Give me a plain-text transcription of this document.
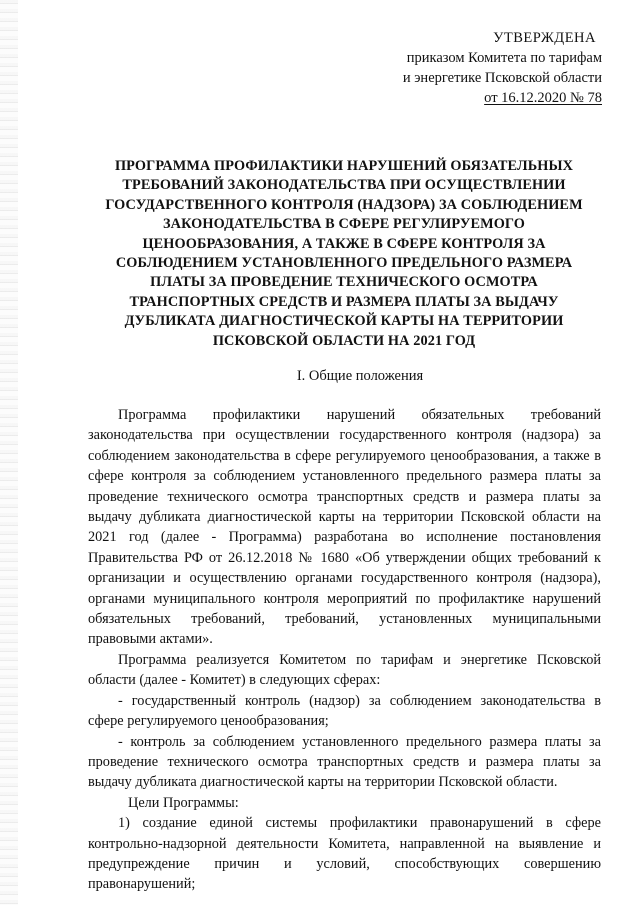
УТВЕРЖДЕНА
приказом Комитета по тарифам
и энергетике Псковской области
от 16.12.2020 № 78
ПРОГРАММА ПРОФИЛАКТИКИ НАРУШЕНИЙ ОБЯЗАТЕЛЬНЫХ ТРЕБОВАНИЙ ЗАКОНОДАТЕЛЬСТВА ПРИ ОСУЩЕСТВЛЕНИИ ГОСУДАРСТВЕННОГО КОНТРОЛЯ (НАДЗОРА) ЗА СОБЛЮДЕНИЕМ ЗАКОНОДАТЕЛЬСТВА В СФЕРЕ РЕГУЛИРУЕМОГО ЦЕНООБРАЗОВАНИЯ, А ТАКЖЕ В СФЕРЕ КОНТРОЛЯ ЗА СОБЛЮДЕНИЕМ УСТАНОВЛЕННОГО ПРЕДЕЛЬНОГО РАЗМЕРА ПЛАТЫ ЗА ПРОВЕДЕНИЕ ТЕХНИЧЕСКОГО ОСМОТРА ТРАНСПОРТНЫХ СРЕДСТВ И РАЗМЕРА ПЛАТЫ ЗА ВЫДАЧУ ДУБЛИКАТА ДИАГНОСТИЧЕСКОЙ КАРТЫ НА ТЕРРИТОРИИ ПСКОВСКОЙ ОБЛАСТИ НА 2021 ГОД
I. Общие положения

Программа профилактики нарушений обязательных требований законодательства при осуществлении государственного контроля (надзора) за соблюдением законодательства в сфере регулируемого ценообразования, а также в сфере контроля за соблюдением установленного предельного размера платы за проведение технического осмотра транспортных средств и размера платы за выдачу дубликата диагностической карты на территории Псковской области на 2021 год (далее - Программа) разработана во исполнение постановления Правительства РФ от 26.12.2018 № 1680 «Об утверждении общих требований к организации и осуществлению органами государственного контроля (надзора), органами муниципального контроля мероприятий по профилактике нарушений обязательных требований, требований, установленных муниципальными правовыми актами».

Программа реализуется Комитетом по тарифам и энергетике Псковской области (далее - Комитет) в следующих сферах:

- государственный контроль (надзор) за соблюдением законодательства в сфере регулируемого ценообразования;

- контроль за соблюдением установленного предельного размера платы за проведение технического осмотра транспортных средств и размера платы за выдачу дубликата диагностической карты на территории Псковской области.

Цели Программы:

1) создание единой системы профилактики правонарушений в сфере контрольно-надзорной деятельности Комитета, направленной на выявление и предупреждение причин и условий, способствующих совершению правонарушений;
